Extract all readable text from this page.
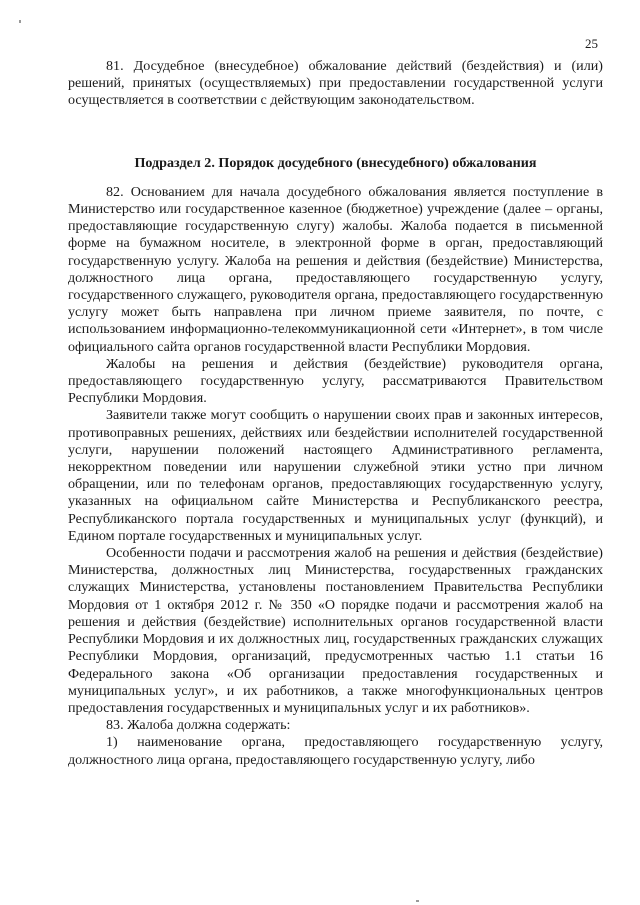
25

81. Досудебное (внесудебное) обжалование действий (бездействия) и (или) решений, принятых (осуществляемых) при предоставлении государственной услуги осуществляется в соответствии с действующим законодательством.

Подраздел 2. Порядок досудебного (внесудебного) обжалования

82. Основанием для начала досудебного обжалования является поступление в Министерство или государственное казенное (бюджетное) учреждение (далее – органы, предоставляющие государственную слугу) жалобы. Жалоба подается в письменной форме на бумажном носителе, в электронной форме в орган, предоставляющий государственную услугу. Жалоба на решения и действия (бездействие) Министерства, должностного лица органа, предоставляющего государственную услугу, государственного служащего, руководителя органа, предоставляющего государственную услугу может быть направлена при личном приеме заявителя, по почте, с использованием информационно-телекоммуникационной сети «Интернет», в том числе официального сайта органов государственной власти Республики Мордовия.

Жалобы на решения и действия (бездействие) руководителя органа, предоставляющего государственную услугу, рассматриваются Правительством Республики Мордовия.

Заявители также могут сообщить о нарушении своих прав и законных интересов, противоправных решениях, действиях или бездействии исполнителей государственной услуги, нарушении положений настоящего Административного регламента, некорректном поведении или нарушении служебной этики устно при личном обращении, или по телефонам органов, предоставляющих государственную услугу, указанных на официальном сайте Министерства и Республиканского реестра, Республиканского портала государственных и муниципальных услуг (функций), и Едином портале государственных и муниципальных услуг.

Особенности подачи и рассмотрения жалоб на решения и действия (бездействие) Министерства, должностных лиц Министерства, государственных гражданских служащих Министерства, установлены постановлением Правительства Республики Мордовия от 1 октября 2012 г. № 350 «О порядке подачи и рассмотрения жалоб на решения и действия (бездействие) исполнительных органов государственной власти Республики Мордовия и их должностных лиц, государственных гражданских служащих Республики Мордовия, организаций, предусмотренных частью 1.1 статьи 16 Федерального закона «Об организации предоставления государственных и муниципальных услуг», и их работников, а также многофункциональных центров предоставления государственных и муниципальных услуг и их работников».

83. Жалоба должна содержать:

1) наименование органа, предоставляющего государственную услугу, должностного лица органа, предоставляющего государственную услугу, либо
